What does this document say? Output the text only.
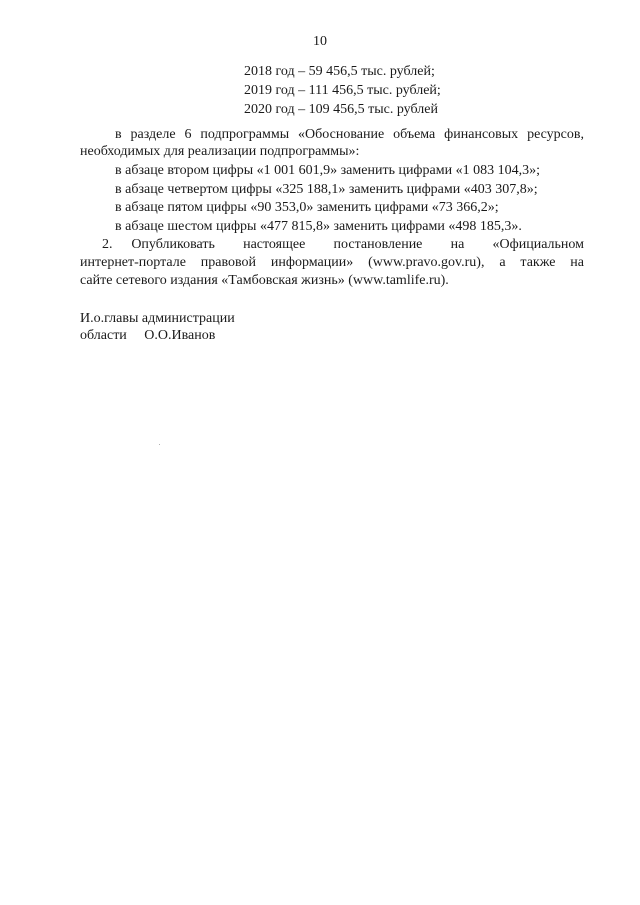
10
2018 год – 59 456,5 тыс. рублей;
2019 год – 111 456,5 тыс. рублей;
2020 год – 109 456,5 тыс. рублей
в разделе 6 подпрограммы «Обоснование объема финансовых ресурсов,
необходимых для реализации подпрограммы»:
в абзаце втором цифры «1 001 601,9» заменить цифрами «1 083 104,3»;
в абзаце четвертом цифры «325 188,1» заменить цифрами «403 307,8»;
в абзаце пятом цифры «90 353,0» заменить цифрами «73 366,2»;
в абзаце шестом цифры «477 815,8» заменить цифрами «498 185,3».
2.  Опубликовать   настоящее   постановление   на   «Официальном
интернет-портале правовой информации» (www.pravo.gov.ru), а также на
сайте сетевого издания «Тамбовская жизнь» (www.tamlife.ru).
И.о.главы администрации
области     О.О.Иванов
